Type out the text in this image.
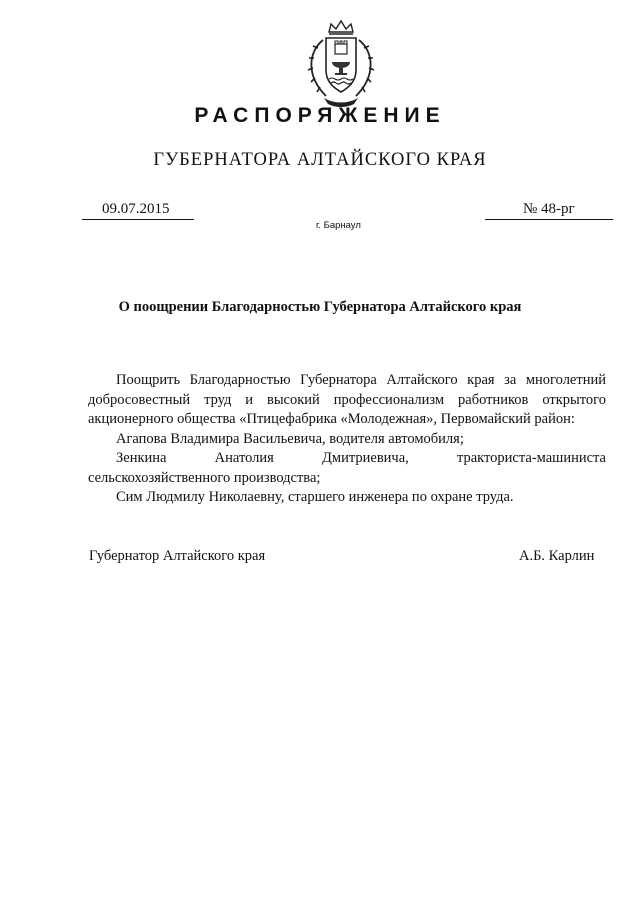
РАСПОРЯЖЕНИЕ
ГУБЕРНАТОРА АЛТАЙСКОГО КРАЯ
09.07.2015	№ 48-рг
г. Барнаул
О поощрении Благодарностью Губернатора Алтайского края

Поощрить Благодарностью Губернатора Алтайского края за многолетний добросовестный труд и высокий профессионализм работников открытого акционерного общества «Птицефабрика «Молодежная», Первомайский район:

Агапова Владимира Васильевича, водителя автомобиля;

Зенкина Анатолия Дмитриевича, тракториста-машиниста сельскохозяйственного производства;

Сим Людмилу Николаевну, старшего инженера по охране труда.

Губернатор Алтайского края	А.Б. Карлин
